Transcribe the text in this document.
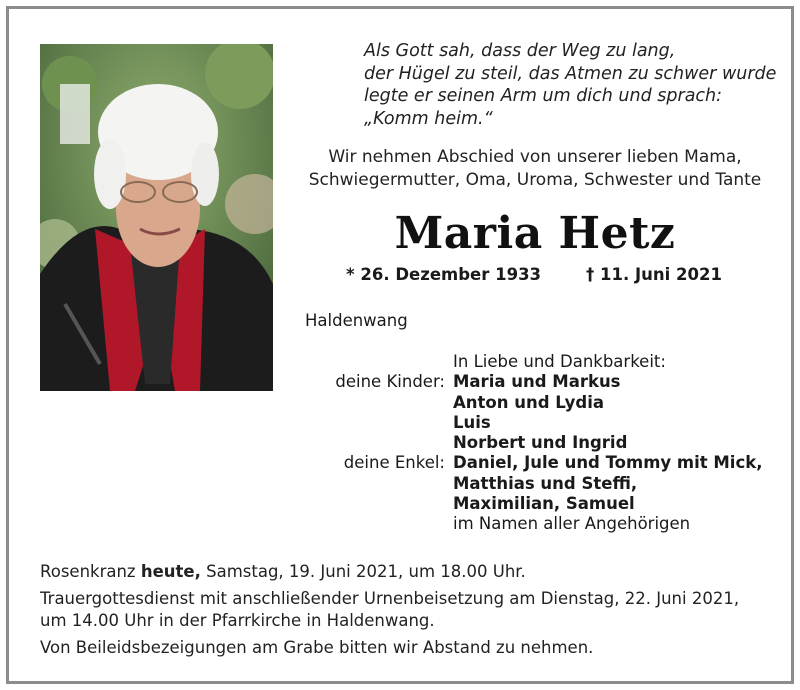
Als Gott sah, dass der Weg zu lang,
der Hügel zu steil, das Atmen zu schwer wurde
legte er seinen Arm um dich und sprach:
„Komm heim.“
Wir nehmen Abschied von unserer lieben Mama,
Schwiegermutter, Oma, Uroma, Schwester und Tante
Maria Hetz
* 26. Dezember 1933	† 11. Juni 2021
Haldenwang
deine Kinder:
deine Enkel:
In Liebe und Dankbarkeit:
Maria und Markus
Anton und Lydia
Luis
Norbert und Ingrid
Daniel, Jule und Tommy mit Mick,
Matthias und Steffi,
Maximilian, Samuel
im Namen aller Angehörigen
Rosenkranz heute, Samstag, 19. Juni 2021, um 18.00 Uhr.
Trauergottesdienst mit anschließender Urnenbeisetzung am Dienstag, 22. Juni 2021,
um 14.00 Uhr in der Pfarrkirche in Haldenwang.
Von Beileidsbezeigungen am Grabe bitten wir Abstand zu nehmen.
